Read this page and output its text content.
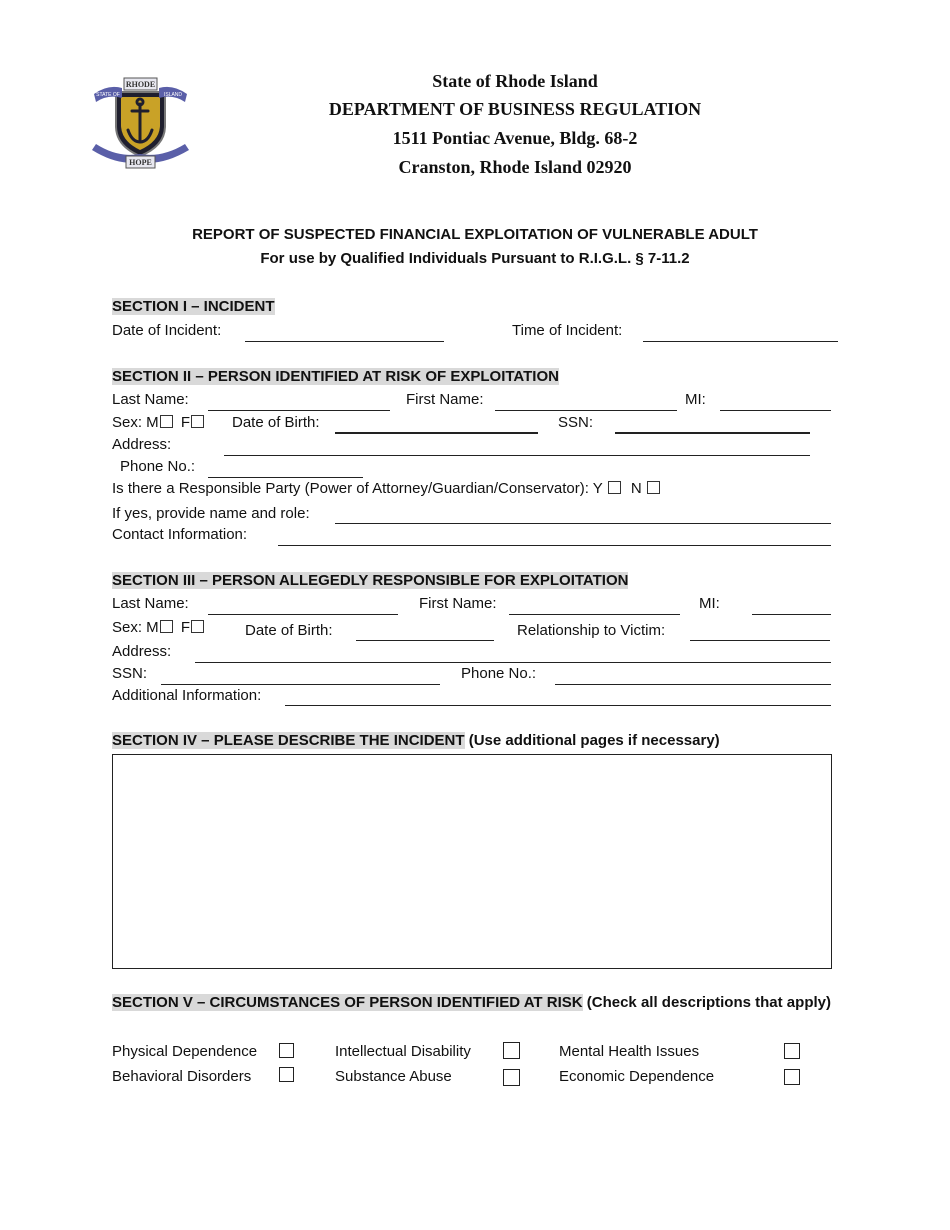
RHODE
STATE OF	ISLAND
HOPE
State of Rhode Island
DEPARTMENT OF BUSINESS REGULATION
1511 Pontiac Avenue, Bldg. 68-2
Cranston, Rhode Island 02920
REPORT OF SUSPECTED FINANCIAL EXPLOITATION OF VULNERABLE ADULT
For use by Qualified Individuals Pursuant to R.I.G.L. § 7-11.2
SECTION I – INCIDENT
Date of Incident:	Time of Incident:
SECTION II – PERSON IDENTIFIED AT RISK OF EXPLOITATION
Last Name:	First Name:	MI:
Sex: M F	Date of Birth:	SSN:
Address:
Phone No.:
Is there a Responsible Party (Power of Attorney/Guardian/Conservator): Y N
If yes, provide name and role:
Contact Information:
SECTION III – PERSON ALLEGEDLY RESPONSIBLE FOR EXPLOITATION
Last Name:	First Name:	MI:
Sex: M F	Date of Birth:	Relationship to Victim:
Address:
SSN:	Phone No.:
Additional Information:
SECTION IV – PLEASE DESCRIBE THE INCIDENT (Use additional pages if necessary)
SECTION V – CIRCUMSTANCES OF PERSON IDENTIFIED AT RISK (Check all descriptions that apply)
Physical Dependence	Intellectual Disability	Mental Health Issues
Behavioral Disorders	Substance Abuse	Economic Dependence
